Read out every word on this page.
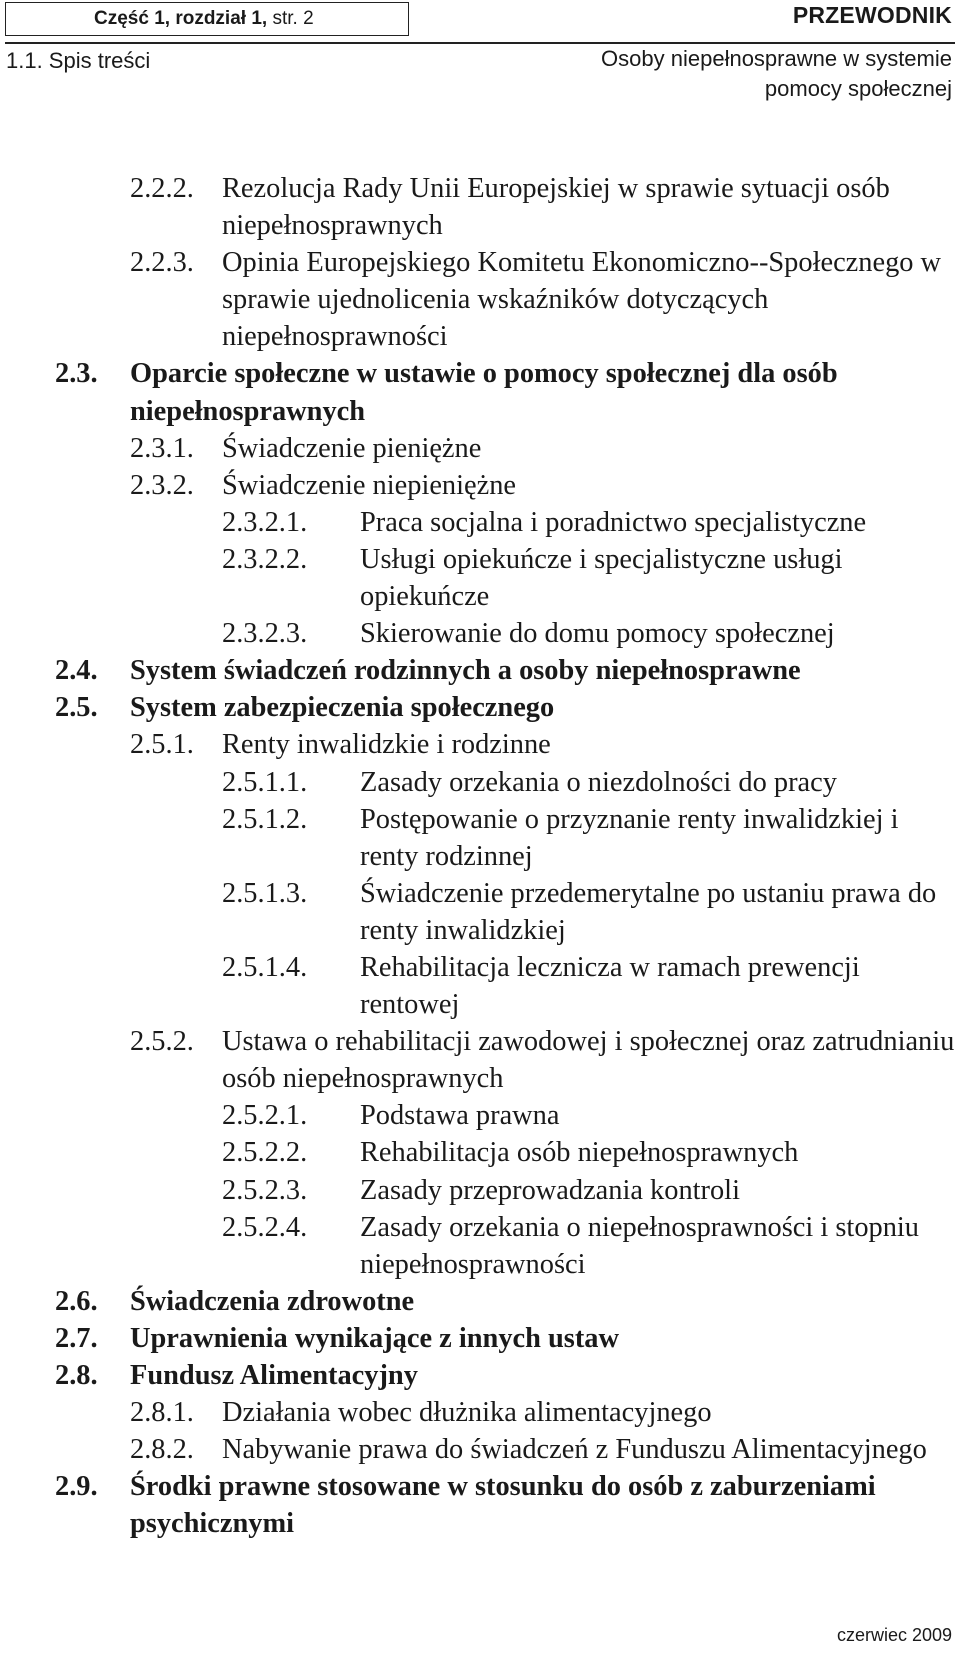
Część 1, rozdział 1, str. 2	PRZEWODNIK
1.1. Spis treści	Osoby niepełnosprawne w systemie
pomocy społecznej
2.2.2. Rezolucja Rady Unii Europejskiej w sprawie sytuacji osób niepełnosprawnych
2.2.3. Opinia Europejskiego Komitetu Ekonomiczno--Społecznego w sprawie ujednolicenia wskaźników dotyczących niepełnosprawności
2.3. Oparcie społeczne w ustawie o pomocy społecznej dla osób niepełnosprawnych
2.3.1. Świadczenie pieniężne
2.3.2. Świadczenie niepieniężne
2.3.2.1. Praca socjalna i poradnictwo specjalistyczne
2.3.2.2. Usługi opiekuńcze i specjalistyczne usługi opiekuńcze
2.3.2.3. Skierowanie do domu pomocy społecznej
2.4. System świadczeń rodzinnych a osoby niepełnosprawne
2.5. System zabezpieczenia społecznego
2.5.1. Renty inwalidzkie i rodzinne
2.5.1.1. Zasady orzekania o niezdolności do pracy
2.5.1.2. Postępowanie o przyznanie renty inwalidzkiej i renty rodzinnej
2.5.1.3. Świadczenie przedemerytalne po ustaniu prawa do renty inwalidzkiej
2.5.1.4. Rehabilitacja lecznicza w ramach prewencji rentowej
2.5.2. Ustawa o rehabilitacji zawodowej i społecznej oraz zatrudnianiu osób niepełnosprawnych
2.5.2.1. Podstawa prawna
2.5.2.2. Rehabilitacja osób niepełnosprawnych
2.5.2.3. Zasady przeprowadzania kontroli
2.5.2.4. Zasady orzekania o niepełnosprawności i stopniu niepełnosprawności
2.6. Świadczenia zdrowotne
2.7. Uprawnienia wynikające z innych ustaw
2.8. Fundusz Alimentacyjny
2.8.1. Działania wobec dłużnika alimentacyjnego
2.8.2. Nabywanie prawa do świadczeń z Funduszu Alimentacyjnego
2.9. Środki prawne stosowane w stosunku do osób z zaburzeniami psychicznymi
czerwiec 2009
